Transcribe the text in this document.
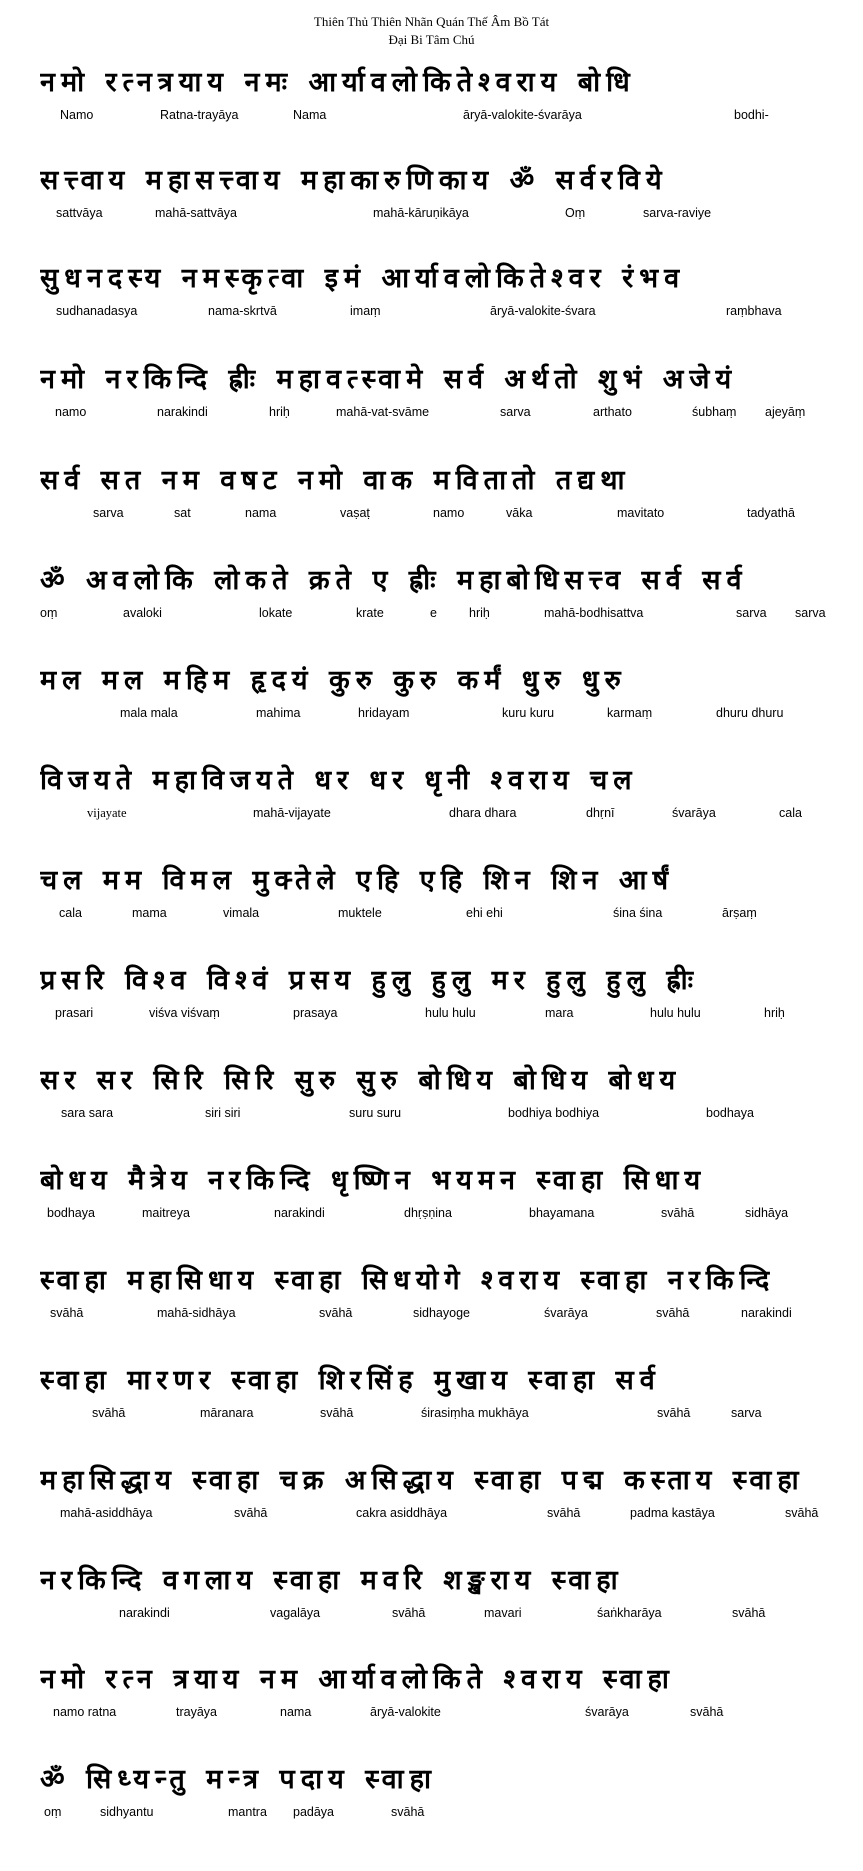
Thiên Thủ Thiên Nhãn Quán Thế Âm Bồ Tát
Đại Bi Tâm Chú
नमो रत्नत्रयाय नमः आर्यावलोकितेश्वराय बोधि
Namo	Ratna-trayāya	Nama	āryā-valokite-śvarāya	bodhi-
सत्त्वाय महासत्त्वाय महाकारुणिकाय ॐ सर्वरविये
sattvāya	mahā-sattvāya	mahā-kāruṇikāya	Oṃ	sarva-raviye
सुधनदस्य नमस्कृत्वा इमं आर्यावलोकितेश्वर रंभव
sudhanadasya	nama-skrtvā	imaṃ	āryā-valokite-śvara	raṃbhava
नमो नरकिन्दि ह्रीः महावत्स्वामे सर्व अर्थतो शुभं अजेयं
namo	narakindi	hriḥ	mahā-vat-svāme	sarva	arthato	śubhaṃ ajeyāṃ
सर्व सत नम वषट नमो वाक मवितातो तद्यथा
sarva	sat	nama	vaṣaṭ	namo	vāka	mavitato	tadyathā
ॐ अवलोकि लोकते क्रते ए ह्रीः महाबोधिसत्त्व सर्व सर्व
oṃ	avaloki	lokate	krate	e	hriḥ	mahā-bodhisattva	sarva sarva
मल मल महिम हृदयं कुरु कुरु कर्मं धुरु धुरु
mala mala	mahima	hridayam	kuru kuru	karmaṃ	dhuru dhuru
विजयते महाविजयते धर धर धृनी श्वराय चल
vijayate	mahā-vijayate	dhara dhara	dhṛnī	śvarāya	cala
चल मम विमल मुक्तेले एहि एहि शिन शिन आर्षं
cala	mama	vimala	muktele	ehi ehi	śina śina	ārṣaṃ
प्रसरि विश्व विश्वं प्रसय हुलु हुलु मर हुलु हुलु ह्रीः
prasari	viśva viśvaṃ	prasaya	hulu hulu	mara	hulu hulu	hriḥ
सर सर सिरि सिरि सुरु सुरु बोधिय बोधिय बोधय
sara sara	siri siri	suru suru	bodhiya bodhiya	bodhaya
बोधय मैत्रेय नरकिन्दि धृष्णिन भयमन स्वाहा सिधाय
bodhaya	maitreya	narakindi	dhṛṣṇina	bhayamana	svāhā	sidhāya
स्वाहा महासिधाय स्वाहा सिधयोगे श्वराय स्वाहा नरकिन्दि
svāhā	mahā-sidhāya	svāhā	sidhayoge	śvarāya	svāhā	narakindi
स्वाहा मारणर स्वाहा शिरसिंह मुखाय स्वाहा सर्व
svāhā	māranara	svāhā	śirasiṃha mukhāya	svāhā	sarva
महासिद्धाय स्वाहा चक्र असिद्धाय स्वाहा पद्म कस्ताय स्वाहा
mahā-asiddhāya	svāhā	cakra asiddhāya	svāhā	padma kastāya	svāhā
नरकिन्दि वगलाय स्वाहा मवरि शङ्खराय स्वाहा
narakindi	vagalāya	svāhā	mavari	śaṅkharāya	svāhā
नमो रत्न त्रयाय नम आर्यावलोकिते श्वराय स्वाहा
namo ratna	trayāya	nama	āryā-valokite	śvarāya	svāhā
ॐ सिध्यन्तु मन्त्र पदाय स्वाहा
oṃ	sidhyantu	mantra padāya	svāhā
